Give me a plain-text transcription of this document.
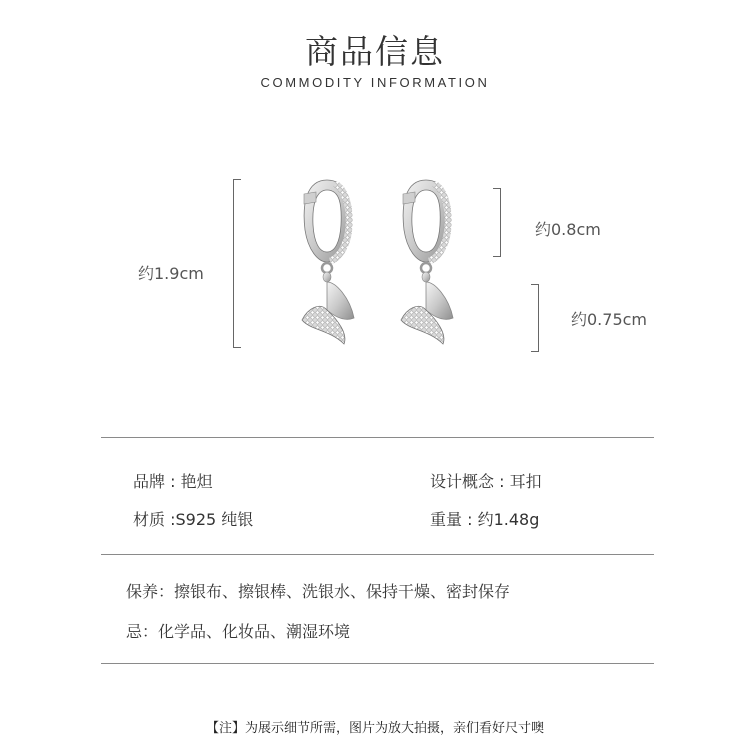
商品信息
COMMODITY INFORMATION
约1.9cm
约0.8cm
约0.75cm
品牌 : 艳炟	设计概念 : 耳扣
材质 :S925 纯银	重量 : 约1.48g
保养：擦银布、擦银棒、洗银水、保持干燥、密封保存
忌：化学品、化妆品、潮湿环境
【注】为展示细节所需，图片为放大拍摄，亲们看好尺寸噢
